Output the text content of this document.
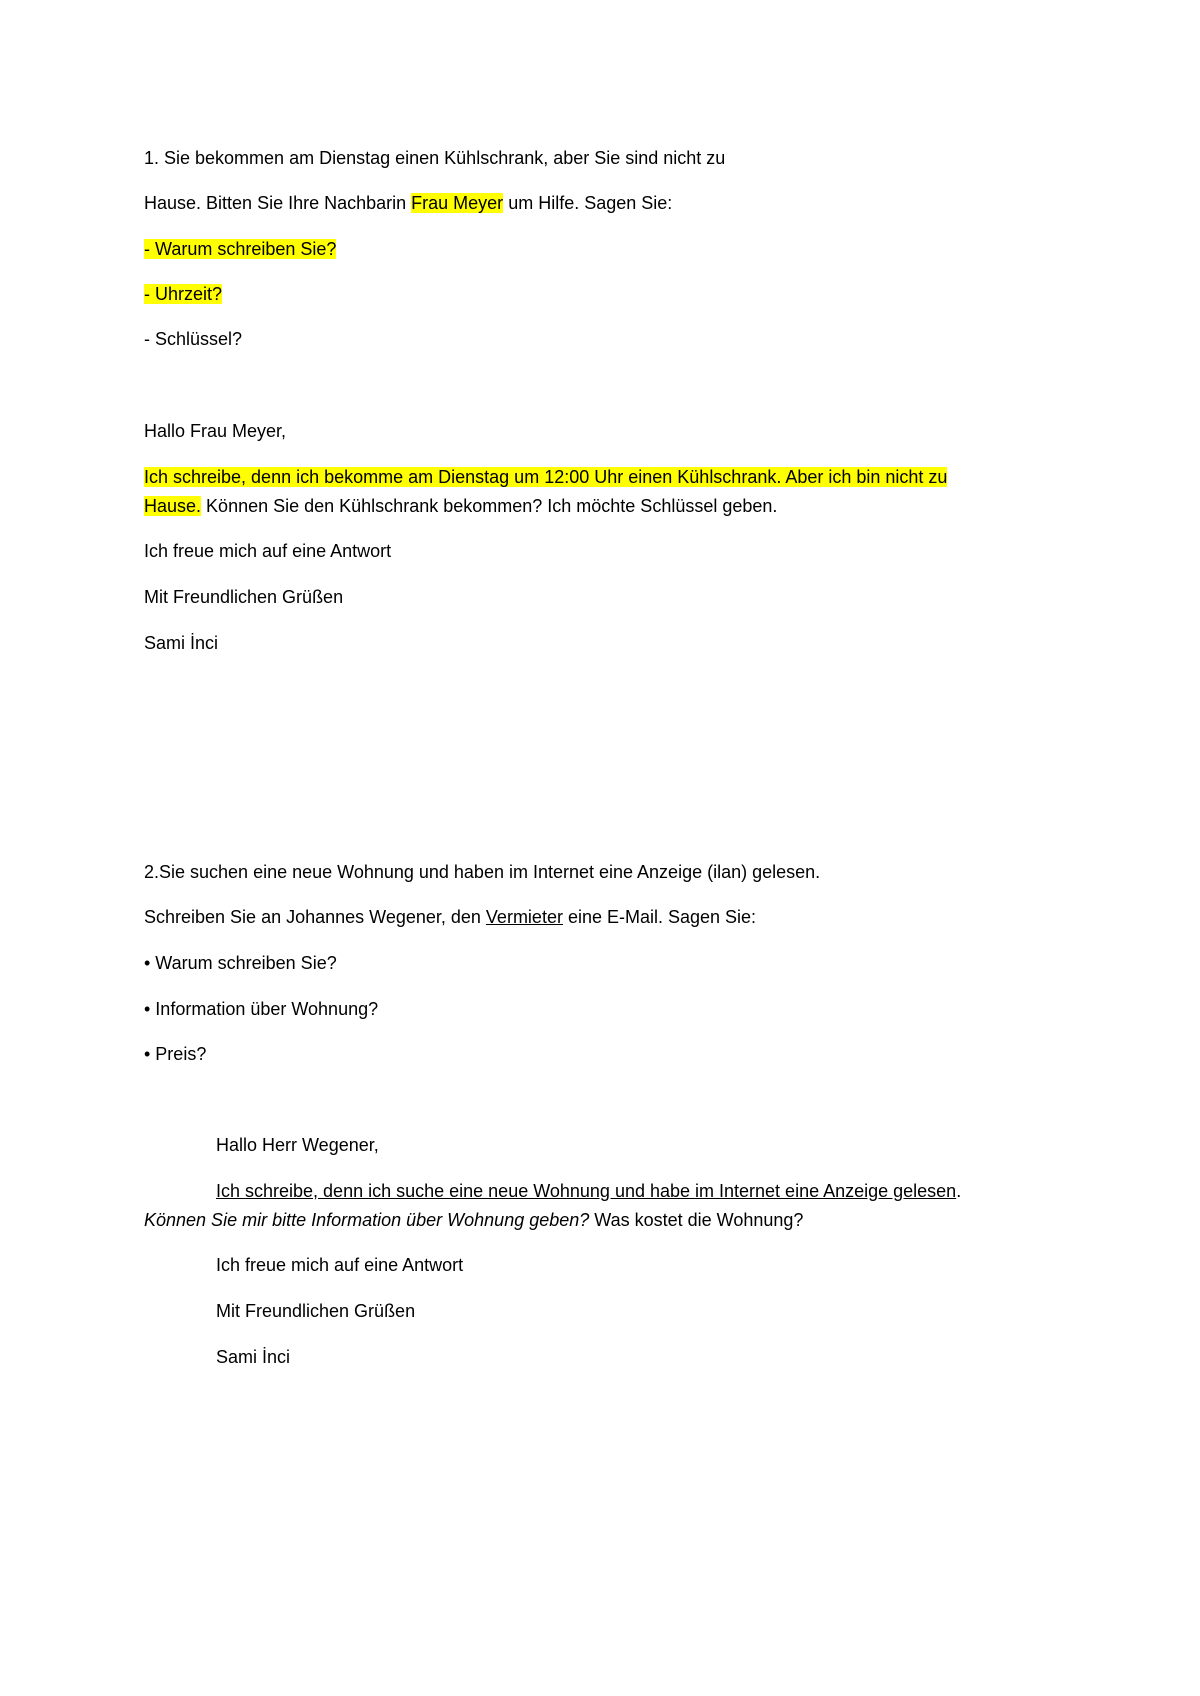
1. Sie bekommen am Dienstag einen Kühlschrank, aber Sie sind nicht zu
Hause. Bitten Sie Ihre Nachbarin Frau Meyer um Hilfe. Sagen Sie:
- Warum schreiben Sie?
- Uhrzeit?
- Schlüssel?
Hallo Frau Meyer,
Ich schreibe, denn ich bekomme am Dienstag um 12:00 Uhr einen Kühlschrank. Aber ich bin nicht zu
Hause. Können Sie den Kühlschrank bekommen? Ich möchte Schlüssel geben.
Ich freue mich auf eine Antwort
Mit Freundlichen Grüßen
Sami İnci
2.Sie suchen eine neue Wohnung und haben im Internet eine Anzeige (ilan) gelesen.
Schreiben Sie an Johannes Wegener, den Vermieter eine E-Mail. Sagen Sie:
• Warum schreiben Sie?
• Information über Wohnung?
• Preis?
Hallo Herr Wegener,
Ich schreibe, denn ich suche eine neue Wohnung und habe im Internet eine Anzeige gelesen.
Können Sie mir bitte Information über Wohnung geben? Was kostet die Wohnung?
Ich freue mich auf eine Antwort
Mit Freundlichen Grüßen
Sami İnci
